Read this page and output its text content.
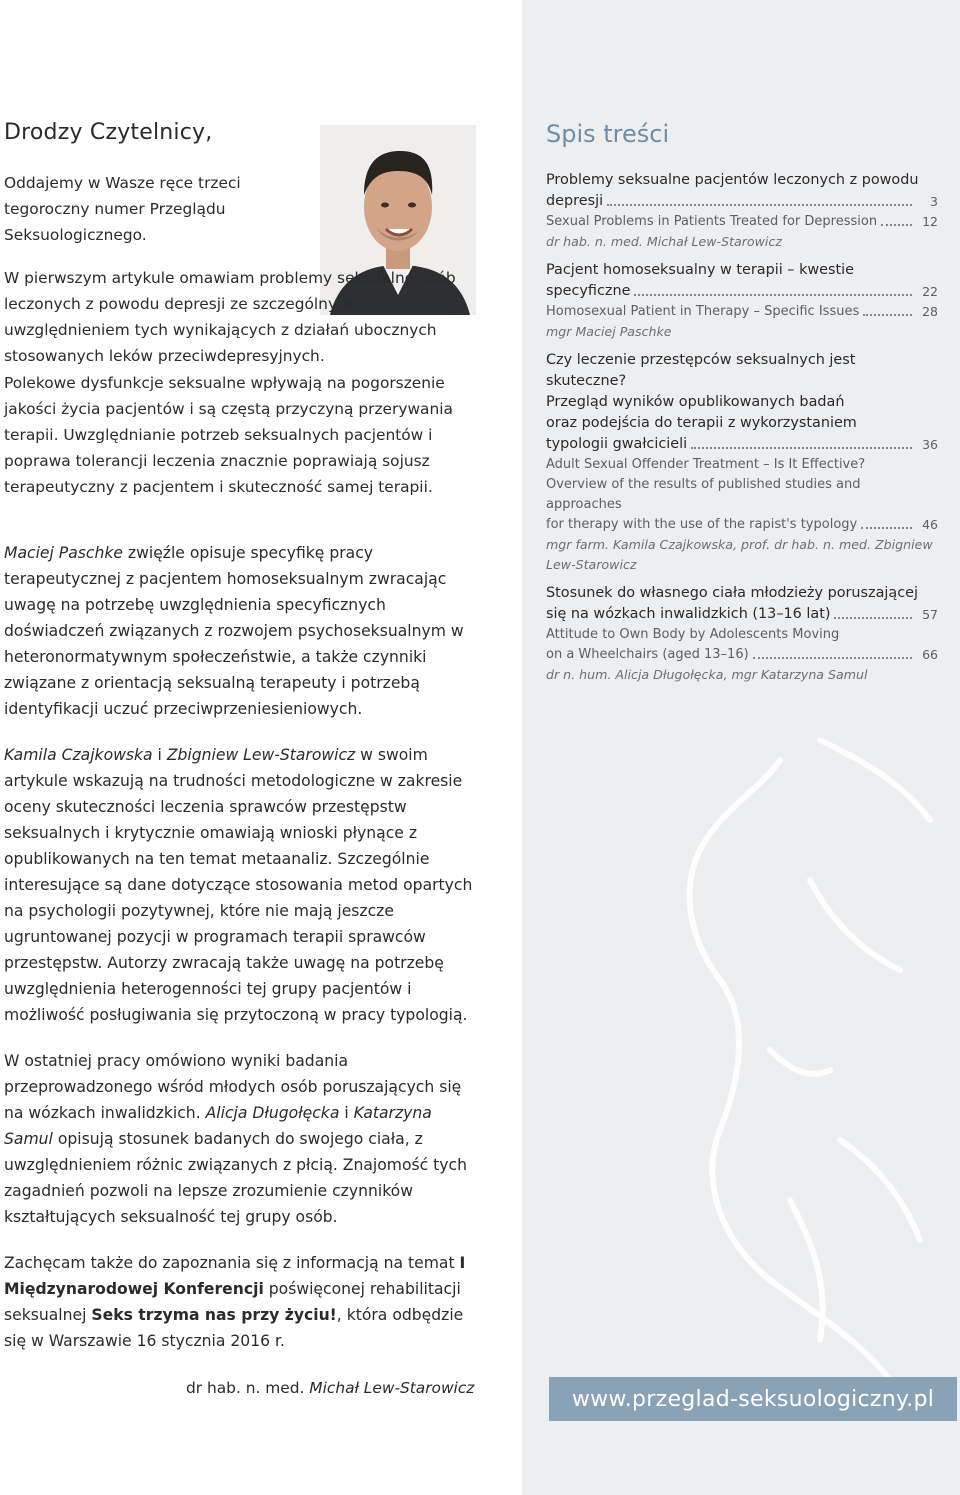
Drodzy Czytelnicy,

Oddajemy w Wasze ręce trzeci tegoroczny numer Przeglądu Seksuologicznego.

W pierwszym artykule omawiam problemy seksualne osób leczonych z powodu depresji ze szczególnym uwzględnieniem tych wynikających z działań ubocznych stosowanych leków przeciwdepresyjnych.

Polekowe dysfunkcje seksualne wpływają na pogorszenie jakości życia pacjentów i są częstą przyczyną przerywania terapii. Uwzględnianie potrzeb seksualnych pacjentów i poprawa tolerancji leczenia znacznie poprawiają sojusz terapeutyczny z pacjentem i skuteczność samej terapii.

Maciej Paschke zwięźle opisuje specyfikę pracy terapeutycznej z pacjentem homoseksualnym zwracając uwagę na potrzebę uwzględnienia specyficznych doświadczeń związanych z rozwojem psychoseksualnym w heteronormatywnym społeczeństwie, a także czynniki związane z orientacją seksualną terapeuty i potrzebą identyfikacji uczuć przeciwprzeniesieniowych.

Kamila Czajkowska i Zbigniew Lew-Starowicz w swoim artykule wskazują na trudności metodologiczne w zakresie oceny skuteczności leczenia sprawców przestępstw seksualnych i krytycznie omawiają wnioski płynące z opublikowanych na ten temat metaanaliz. Szczególnie interesujące są dane dotyczące stosowania metod opartych na psychologii pozytywnej, które nie mają jeszcze ugruntowanej pozycji w programach terapii sprawców przestępstw. Autorzy zwracają także uwagę na potrzebę uwzględnienia heterogenności tej grupy pacjentów i możliwość posługiwania się przytoczoną w pracy typologią.

W ostatniej pracy omówiono wyniki badania przeprowadzonego wśród młodych osób poruszających się na wózkach inwalidzkich. Alicja Długołęcka i Katarzyna Samul opisują stosunek badanych do swojego ciała, z uwzględnieniem różnic związanych z płcią. Znajomość tych zagadnień pozwoli na lepsze zrozumienie czynników kształtujących seksualność tej grupy osób.

Zachęcam także do zapoznania się z informacją na temat I Międzynarodowej Konferencji poświęconej rehabilitacji seksualnej Seks trzyma nas przy życiu!, która odbędzie się w Warszawie 16 stycznia 2016 r.

dr hab. n. med. Michał Lew-Starowicz
Spis treści
Problemy seksualne pacjentów leczonych z powodu
depresji	3
Sexual Problems in Patients Treated for Depression	12
dr hab. n. med. Michał Lew-Starowicz
Pacjent homoseksualny w terapii – kwestie
specyficzne	22
Homosexual Patient in Therapy – Specific Issues	28
mgr Maciej Paschke
Czy leczenie przestępców seksualnych jest skuteczne?
Przegląd wyników opublikowanych badań
oraz podejścia do terapii z wykorzystaniem
typologii gwałcicieli	36
Adult Sexual Offender Treatment – Is It Effective?
Overview of the results of published studies and approaches
for therapy with the use of the rapist's typology	46
mgr farm. Kamila Czajkowska, prof. dr hab. n. med. Zbigniew
Lew-Starowicz
Stosunek do własnego ciała młodzieży poruszającej
się na wózkach inwalidzkich (13–16 lat)	57
Attitude to Own Body by Adolescents Moving
on a Wheelchairs (aged 13–16)	66
dr n. hum. Alicja Długołęcka, mgr Katarzyna Samul
www.przeglad-seksuologiczny.pl
